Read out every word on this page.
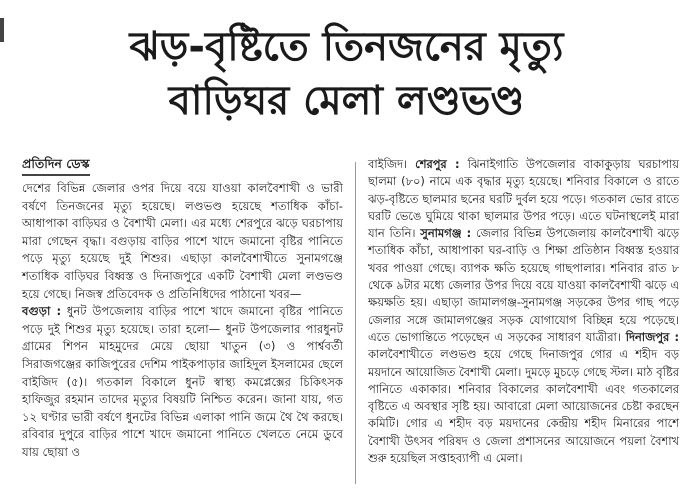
ঝড়-বৃষ্টিতে তিনজনের মৃত্যু
বাড়িঘর মেলা লণ্ডভণ্ড
প্রতিদিন ডেস্ক

দেশের বিভিন্ন জেলার ওপর দিয়ে বয়ে যাওয়া কালবৈশাখী ও ভারী বর্ষণে তিনজনের মৃত্যু হয়েছে। লণ্ডভণ্ড হয়েছে শতাধিক কাঁচা-আধাপাকা বাড়িঘর ও বৈশাখী মেলা। এর মধ্যে শেরপুরে ঝড়ে ঘরচাপায় মারা গেছেন বৃদ্ধা। বগুড়ায় বাড়ির পাশে খাদে জমানো বৃষ্টির পানিতে পড়ে মৃত্যু হয়েছে দুই শিশুর। এছাড়া কালবৈশাখীতে সুনামগঞ্জে শতাধিক বাড়িঘর বিধ্বস্ত ও দিনাজপুরে একটি বৈশাখী মেলা লণ্ডভণ্ড হয়ে গেছে। নিজস্ব প্রতিবেদক ও প্রতিনিধিদের পাঠানো খবর—

বগুড়া : ধুনট উপজেলায় বাড়ির পাশে খাদে জমানো বৃষ্টির পানিতে পড়ে দুই শিশুর মৃত্যু হয়েছে। তারা হলো— ধুনট উপজেলার পারধুনট গ্রামের শিপন মাহমুদের মেয়ে ছোয়া খাতুন (৩) ও পার্শ্ববর্তী সিরাজগঞ্জের কাজিপুরের দেশিম পাইকপাড়ার জাহিদুল ইসলামের ছেলে বাইজিদ (৫)। গতকাল বিকালে ধুনট স্বাস্থ্য কমপ্লেক্সের চিকিৎসক হাফিজুর রহমান তাদের মৃত্যুর বিষয়টি নিশ্চিত করেন। জানা যায়, গত ১২ ঘণ্টার ভারী বর্ষণে ধুনটের বিভিন্ন এলাকা পানি জমে থৈ থৈ করছে। রবিবার দুপুরে বাড়ির পাশে খাদে জমানো পানিতে খেলতে নেমে ডুবে যায় ছোয়া ও

বাইজিদ। শেরপুর : ঝিনাইগাতি উপজেলার বাকাকুড়ায় ঘরচাপায় ছালমা (৮০) নামে এক বৃদ্ধার মৃত্যু হয়েছে। শনিবার বিকালে ও রাতে ঝড়-বৃষ্টিতে ছালমার ছনের ঘরটি দুর্বল হয়ে পড়ে। গতকাল ভোর রাতে ঘরটি ভেঙে ঘুমিয়ে থাকা ছালমার উপর পড়ে। এতে ঘটনাস্থলেই মারা যান তিনি। সুনামগঞ্জ : জেলার বিভিন্ন উপজেলায় কালবৈশাখী ঝড়ে শতাধিক কাঁচা, আধাপাকা ঘর-বাড়ি ও শিক্ষা প্রতিষ্ঠান বিধ্বস্ত হওয়ার খবর পাওয়া গেছে। ব্যাপক ক্ষতি হয়েছে গাছপালার। শনিবার রাত ৮ থেকে ৯টার মধ্যে জেলার উপর দিয়ে বয়ে যাওয়া কালবৈশাখী ঝড়ে এ ক্ষয়ক্ষতি হয়। এছাড়া জামালগঞ্জ-সুনামগঞ্জ সড়কের উপর গাছ পড়ে জেলার সঙ্গে জামালগঞ্জের সড়ক যোগাযোগ বিচ্ছিন্ন হয়ে পড়েছে। এতে ভোগান্তিতে পড়েছেন এ সড়কের সাধারণ যাত্রীরা। দিনাজপুর : কালবৈশাখীতে লণ্ডভণ্ড হয়ে গেছে দিনাজপুর গোর এ শহীদ বড় ময়দানে আয়োজিত বৈশাখী মেলা। দুমড়ে মুচড়ে গেছে স্টল। মাঠ বৃষ্টির পানিতে একাকার। শনিবার বিকালের কালবৈশাখী এবং গতকালের বৃষ্টিতে এ অবস্থার সৃষ্টি হয়। আবারো মেলা আয়োজনের চেষ্টা করছেন কমিটি। গোর এ শহীদ বড় ময়দানের কেন্দ্রীয় শহীদ মিনারের পাশে বৈশাখী উৎসব পরিষদ ও জেলা প্রশাসনের আয়োজনে পয়লা বৈশাখ শুরু হয়েছিল সপ্তাহব্যাপী এ মেলা।
